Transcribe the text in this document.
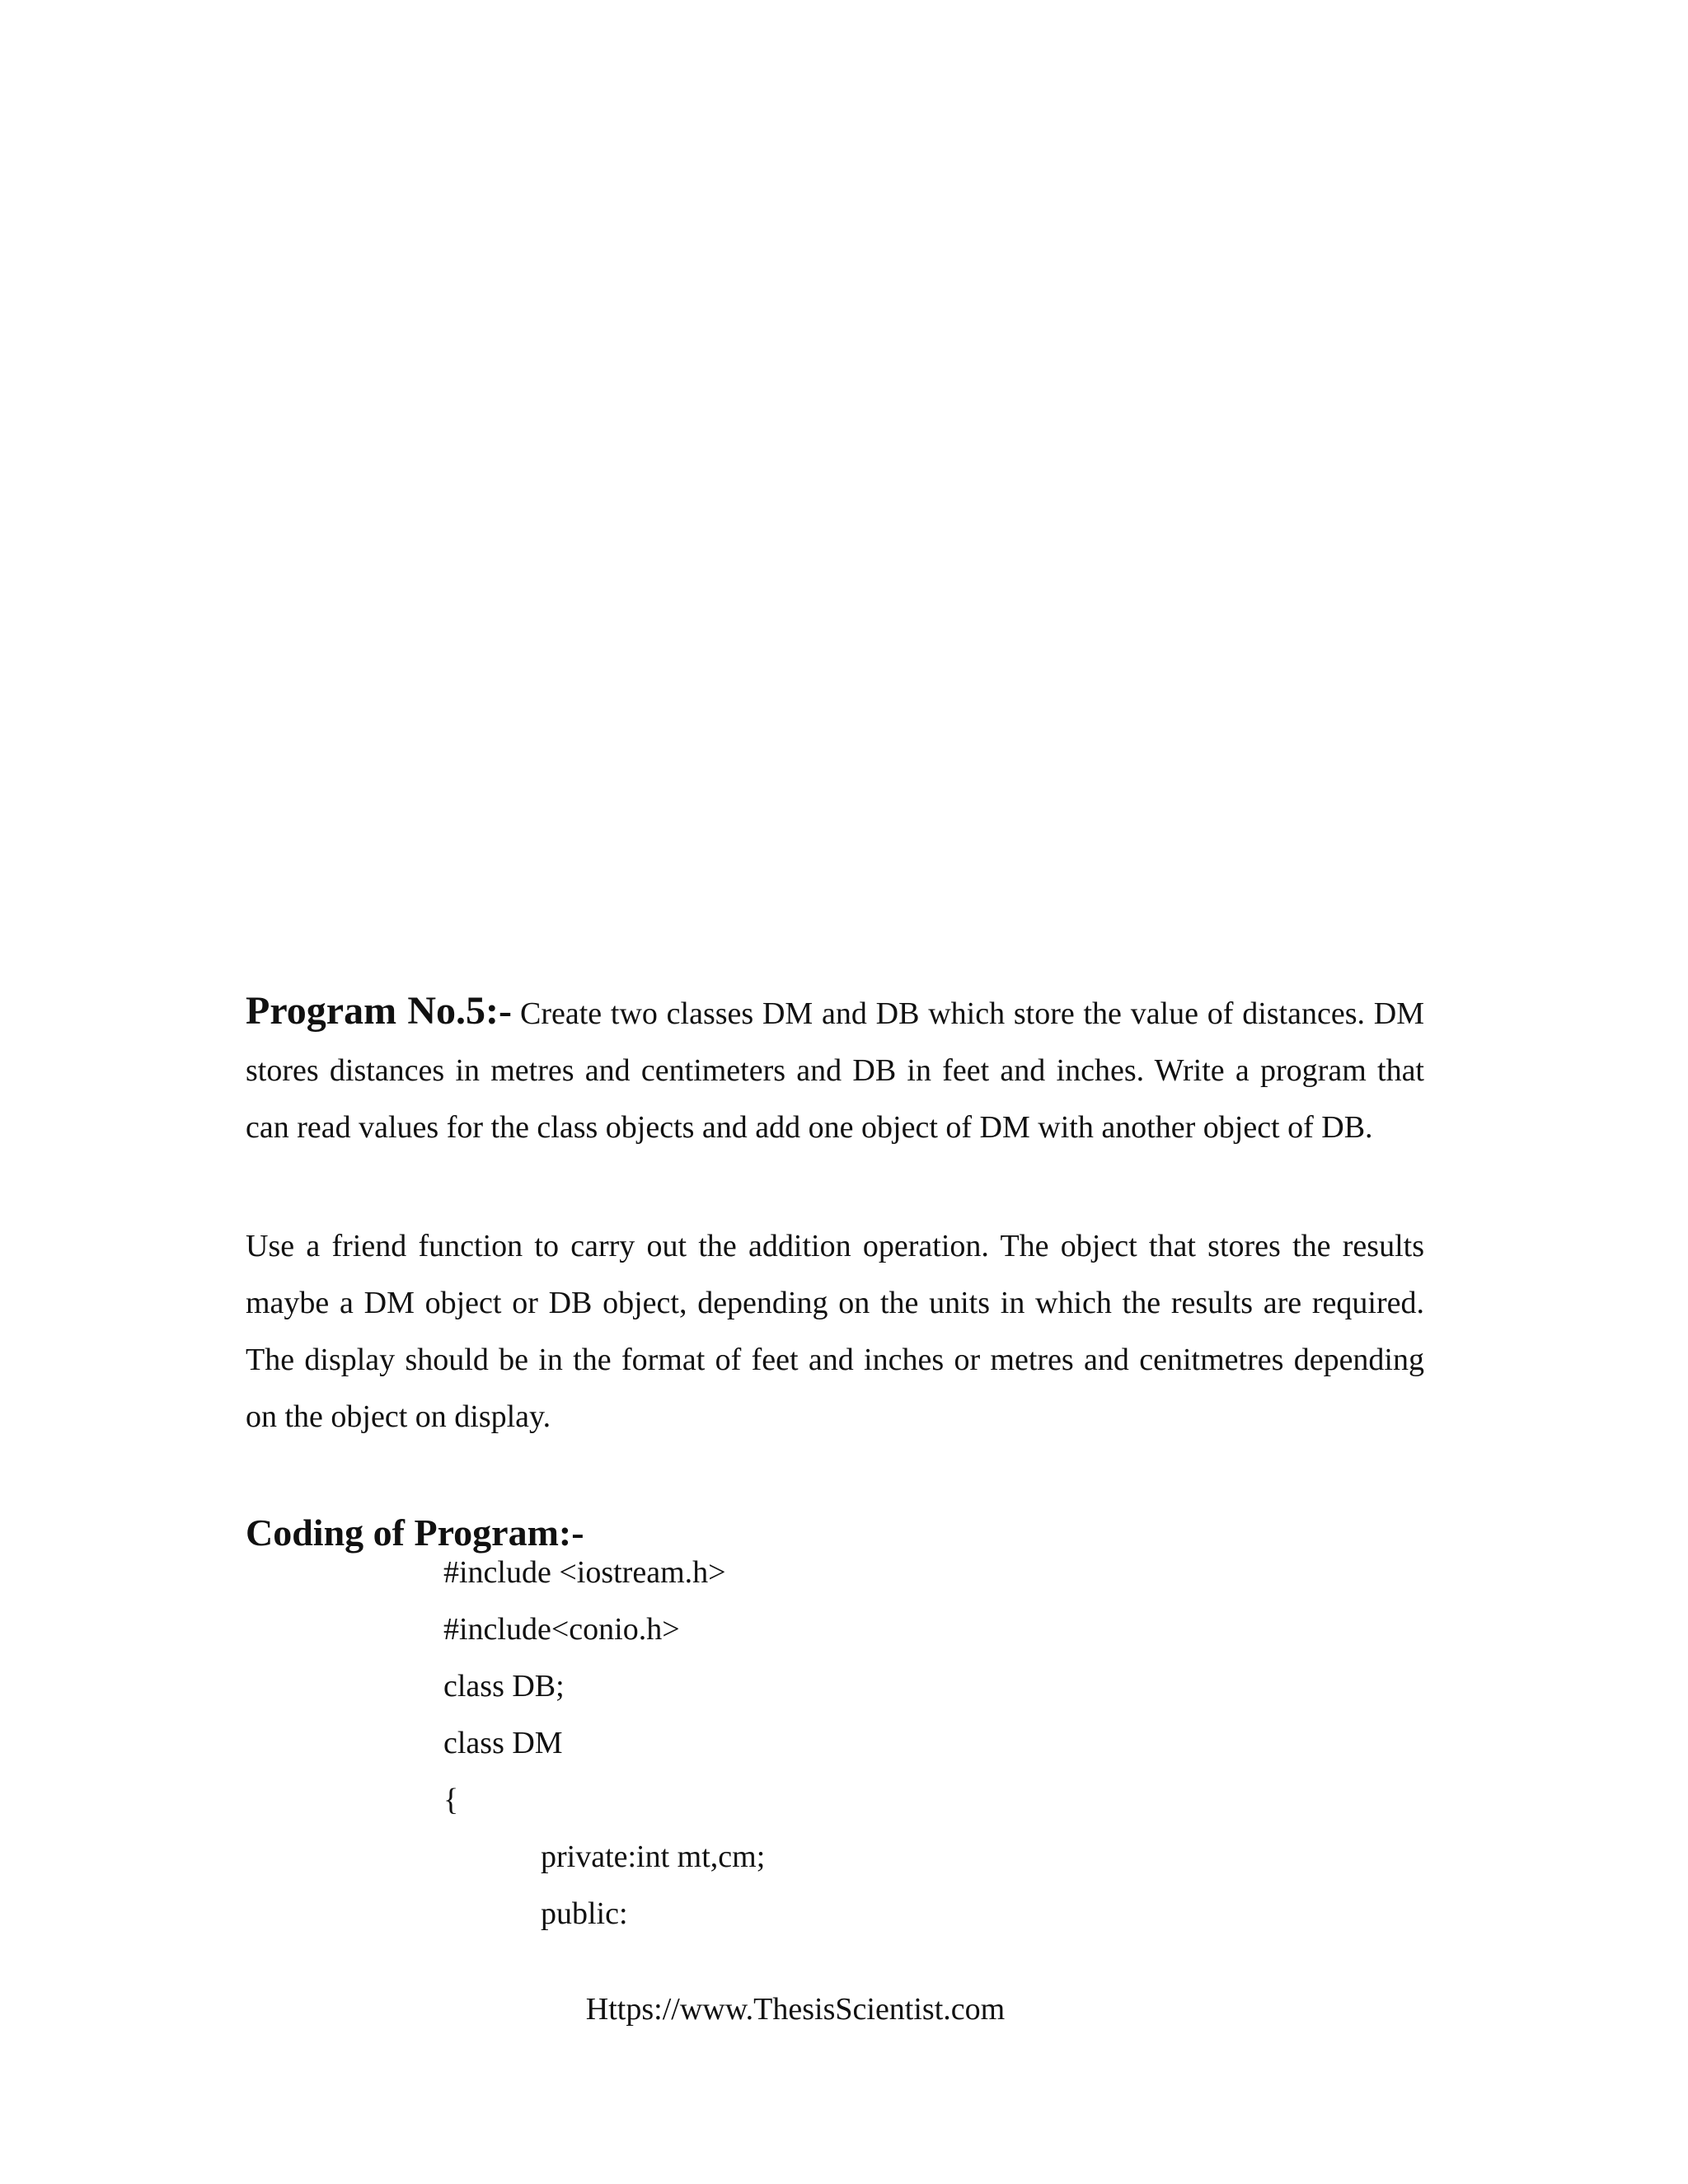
Program No.5:- Create two classes DM and DB which store the value of distances. DM stores distances in metres and centimeters and DB in feet and inches. Write a program that can read values for the class objects and add one object of DM with another object of DB.
Use a friend function to carry out the addition operation. The object that stores the results maybe a DM object or DB object, depending on the units in which the results are required. The display should be in the format of feet and inches or metres and cenitmetres depending on the object on display.
Coding of Program:-
#include <iostream.h>
#include<conio.h>
class DB;
class DM
{
private:int mt,cm;
public:
Https://www.ThesisScientist.com
